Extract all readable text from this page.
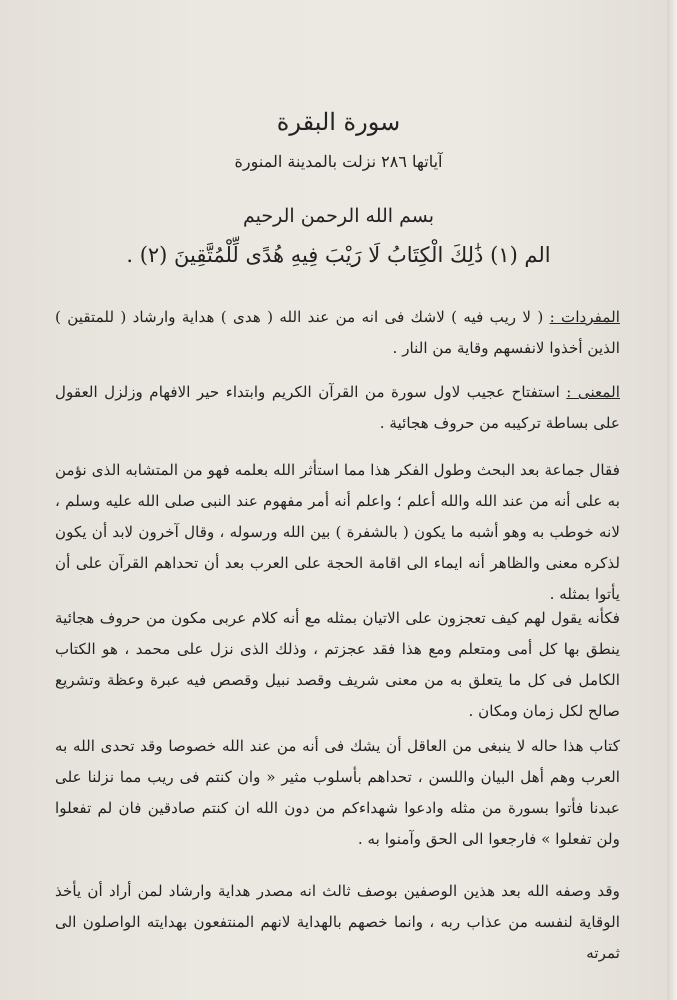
سورة البقرة
آياتها ٢٨٦ نزلت بالمدينة المنورة
بسم الله الرحمن الرحيم
الم (١) ذَٰلِكَ الْكِتَابُ لَا رَيْبَ فِيهِ هُدًى لِّلْمُتَّقِينَ (٢) .
المفردات : ( لا ريب فيه ) لاشك فى انه من عند الله ( هدى ) هداية وارشاد ( للمتقين ) الذين أخذوا لانفسهم وقاية من النار .
المعنى : استفتاح عجيب لاول سورة من القرآن الكريم وابتداء حير الافهام وزلزل العقول على بساطة تركيبه من حروف هجائية .
فقال جماعة بعد البحث وطول الفكر هذا مما استأثر الله بعلمه فهو من المتشابه الذى نؤمن به على أنه من عند الله والله أعلم ؛ واعلم أنه أمر مفهوم عند النبى صلى الله عليه وسلم ، لانه خوطب به وهو أشبه ما يكون ( بالشفرة ) بين الله ورسوله ، وقال آخرون لابد أن يكون لذكره معنى والظاهر أنه ايماء الى اقامة الحجة على العرب بعد أن تحداهم القرآن على أن يأتوا بمثله .
فكأنه يقول لهم كيف تعجزون على الاتيان بمثله مع أنه كلام عربى مكون من حروف هجائية ينطق بها كل أمى ومتعلم ومع هذا فقد عجزتم ، وذلك الذى نزل على محمد ، هو الكتاب الكامل فى كل ما يتعلق به من معنى شريف وقصد نبيل وقصص فيه عبرة وعظة وتشريع صالح لكل زمان ومكان .
كتاب هذا حاله لا ينبغى من العاقل أن يشك فى أنه من عند الله خصوصا وقد تحدى الله به العرب وهم أهل البيان واللسن ، تحداهم بأسلوب مثير « وان كنتم فى ريب مما نزلنا على عبدنا فأتوا بسورة من مثله وادعوا شهداءكم من دون الله ان كنتم صادقين فان لم تفعلوا ولن تفعلوا » فارجعوا الى الحق وآمنوا به .
وقد وصفه الله بعد هذين الوصفين بوصف ثالث انه مصدر هداية وارشاد لمن أراد أن يأخذ الوقاية لنفسه من عذاب ربه ، وانما خصهم بالهداية لانهم المنتفعون بهدايته الواصلون الى ثمرته
